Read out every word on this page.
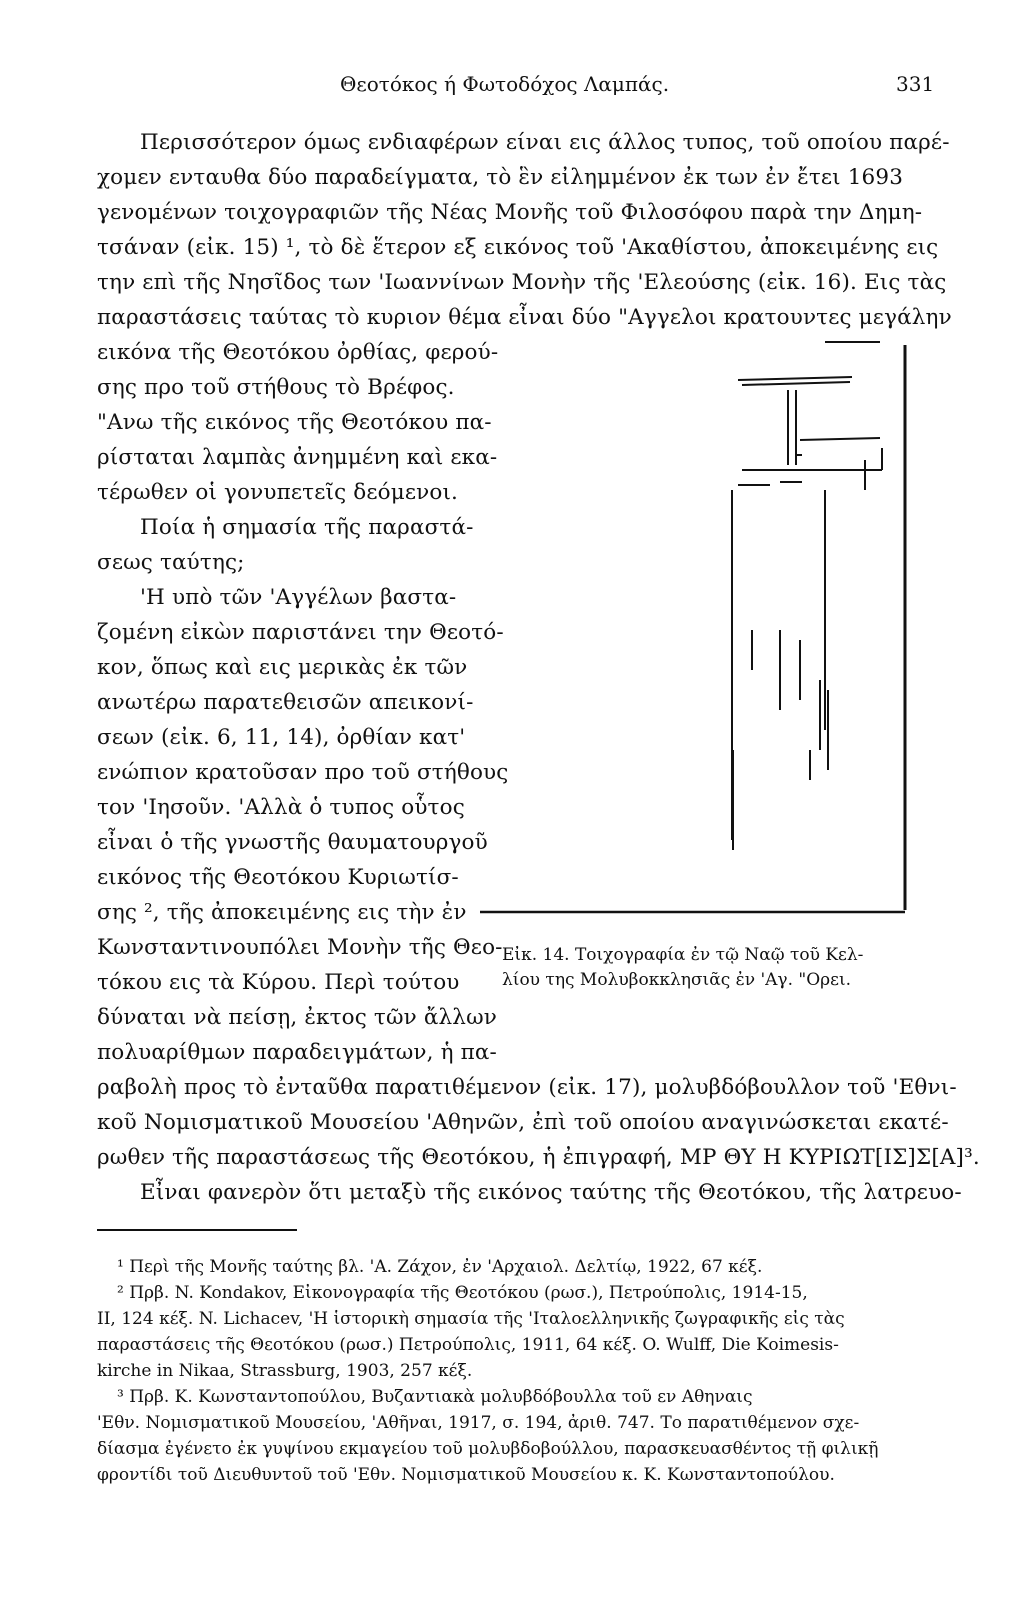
Θεοτόκος ή Φωτοδόχος Λαμπάς.	331
Περισσότερον όμως ενδιαφέρων είναι εις άλλος τυπος, τοῦ οποίου παρέ-
χομεν ενταυθα δύο παραδείγματα, τὸ ἓν εἰλημμένον ἐκ των ἐν ἔτει 1693
γενομένων τοιχογραφιῶν τῆς Νέας Μονῆς τοῦ Φιλοσόφου παρὰ την Δημη-
τσάναν (εἰκ. 15) ¹, τὸ δὲ ἕτερον εξ εικόνος τοῦ 'Ακαθίστου, ἀποκειμένης εις
την επὶ τῆς Νησῖδος των 'Ιωαννίνων Μονὴν τῆς 'Ελεούσης (εἰκ. 16). Εις τὰς
παραστάσεις ταύτας τὸ κυριον θέμα εἶναι δύο "Αγγελοι κρατουντες μεγάλην
εικόνα τῆς Θεοτόκου ὀρθίας, φερού-
σης προ τοῦ στήθους τὸ Βρέφος.
"Ανω τῆς εικόνος τῆς Θεοτόκου πα-
ρίσταται λαμπὰς ἀνημμένη καὶ εκα-
τέρωθεν οἱ γονυπετεῖς δεόμενοι.
Ποία ἡ σημασία τῆς παραστά-
σεως ταύτης;
'Η υπὸ τῶν 'Αγγέλων βαστα-
ζομένη εἰκὼν παριστάνει την Θεοτό-
κον, ὅπως καὶ εις μερικὰς ἐκ τῶν
ανωτέρω παρατεθεισῶν απεικονί-
σεων (εἰκ. 6, 11, 14), ὀρθίαν κατ'
ενώπιον κρατοῦσαν προ τοῦ στήθους
τον 'Ιησοῦν. 'Αλλὰ ὁ τυπος οὗτος
εἶναι ὁ τῆς γνωστῆς θαυματουργοῦ
εικόνος τῆς Θεοτόκου Κυριωτίσ-
σης ², τῆς ἀποκειμένης εις τὴν ἐν
Κωνσταντινουπόλει Μονὴν τῆς Θεο-
τόκου εις τὰ Κύρου. Περὶ τούτου
δύναται νὰ πείσῃ, ἐκτος τῶν ἄλλων
πολυαρίθμων παραδειγμάτων, ἡ πα-
ραβολὴ προς τὸ ἐνταῦθα παρατιθέμενον (εἰκ. 17), μολυβδόβουλλον τοῦ 'Εθνι-
κοῦ Νομισματικοῦ Μουσείου 'Αθηνῶν, ἐπὶ τοῦ οποίου αναγινώσκεται εκατέ-
ρωθεν τῆς παραστάσεως τῆς Θεοτόκου, ἡ ἐπιγραφή, ΜΡ ΘΥ Η ΚΥΡΙΩΤ[ΙΣ]Σ[Α]³.
Εἶναι φανερὸν ὅτι μεταξὺ τῆς εικόνος ταύτης τῆς Θεοτόκου, τῆς λατρευο-
Εἰκ. 14. Τοιχογραφία ἐν τῷ Ναῷ τοῦ Κελ-
λίου της Μολυβοκκλησιᾶς ἐν 'Αγ. "Ορει.
¹ Περὶ τῆς Μονῆς ταύτης βλ. 'Α. Ζάχον, ἐν 'Αρχαιολ. Δελτίῳ, 1922, 67 κέξ.
² Πρβ. N. Kondakov, Εἰκονογραφία τῆς Θεοτόκου (ρωσ.), Πετρούπολις, 1914-15,
II, 124 κέξ. N. Lichacev, 'Η ἱστορικὴ σημασία τῆς 'Ιταλοελληνικῆς ζωγραφικῆς εἰς τὰς
παραστάσεις τῆς Θεοτόκου (ρωσ.) Πετρούπολις, 1911, 64 κέξ. O. Wulff, Die Koimesis-
kirche in Nikaa, Strassburg, 1903, 257 κέξ.
³ Πρβ. K. Κωνσταντοπούλου, Βυζαντιακὰ μολυβδόβουλλα τοῦ εν Αθηναις
'Εθν. Νομισματικοῦ Μουσείου, 'Αθῆναι, 1917, σ. 194, ἀριθ. 747. Το παρατιθέμενον σχε-
δίασμα ἐγένετο ἐκ γυψίνου εκμαγείου τοῦ μολυβδοβούλλου, παρασκευασθέντος τῇ φιλικῇ
φροντίδι τοῦ Διευθυντοῦ τοῦ 'Εθν. Νομισματικοῦ Μουσείου κ. K. Κωνσταντοπούλου.
